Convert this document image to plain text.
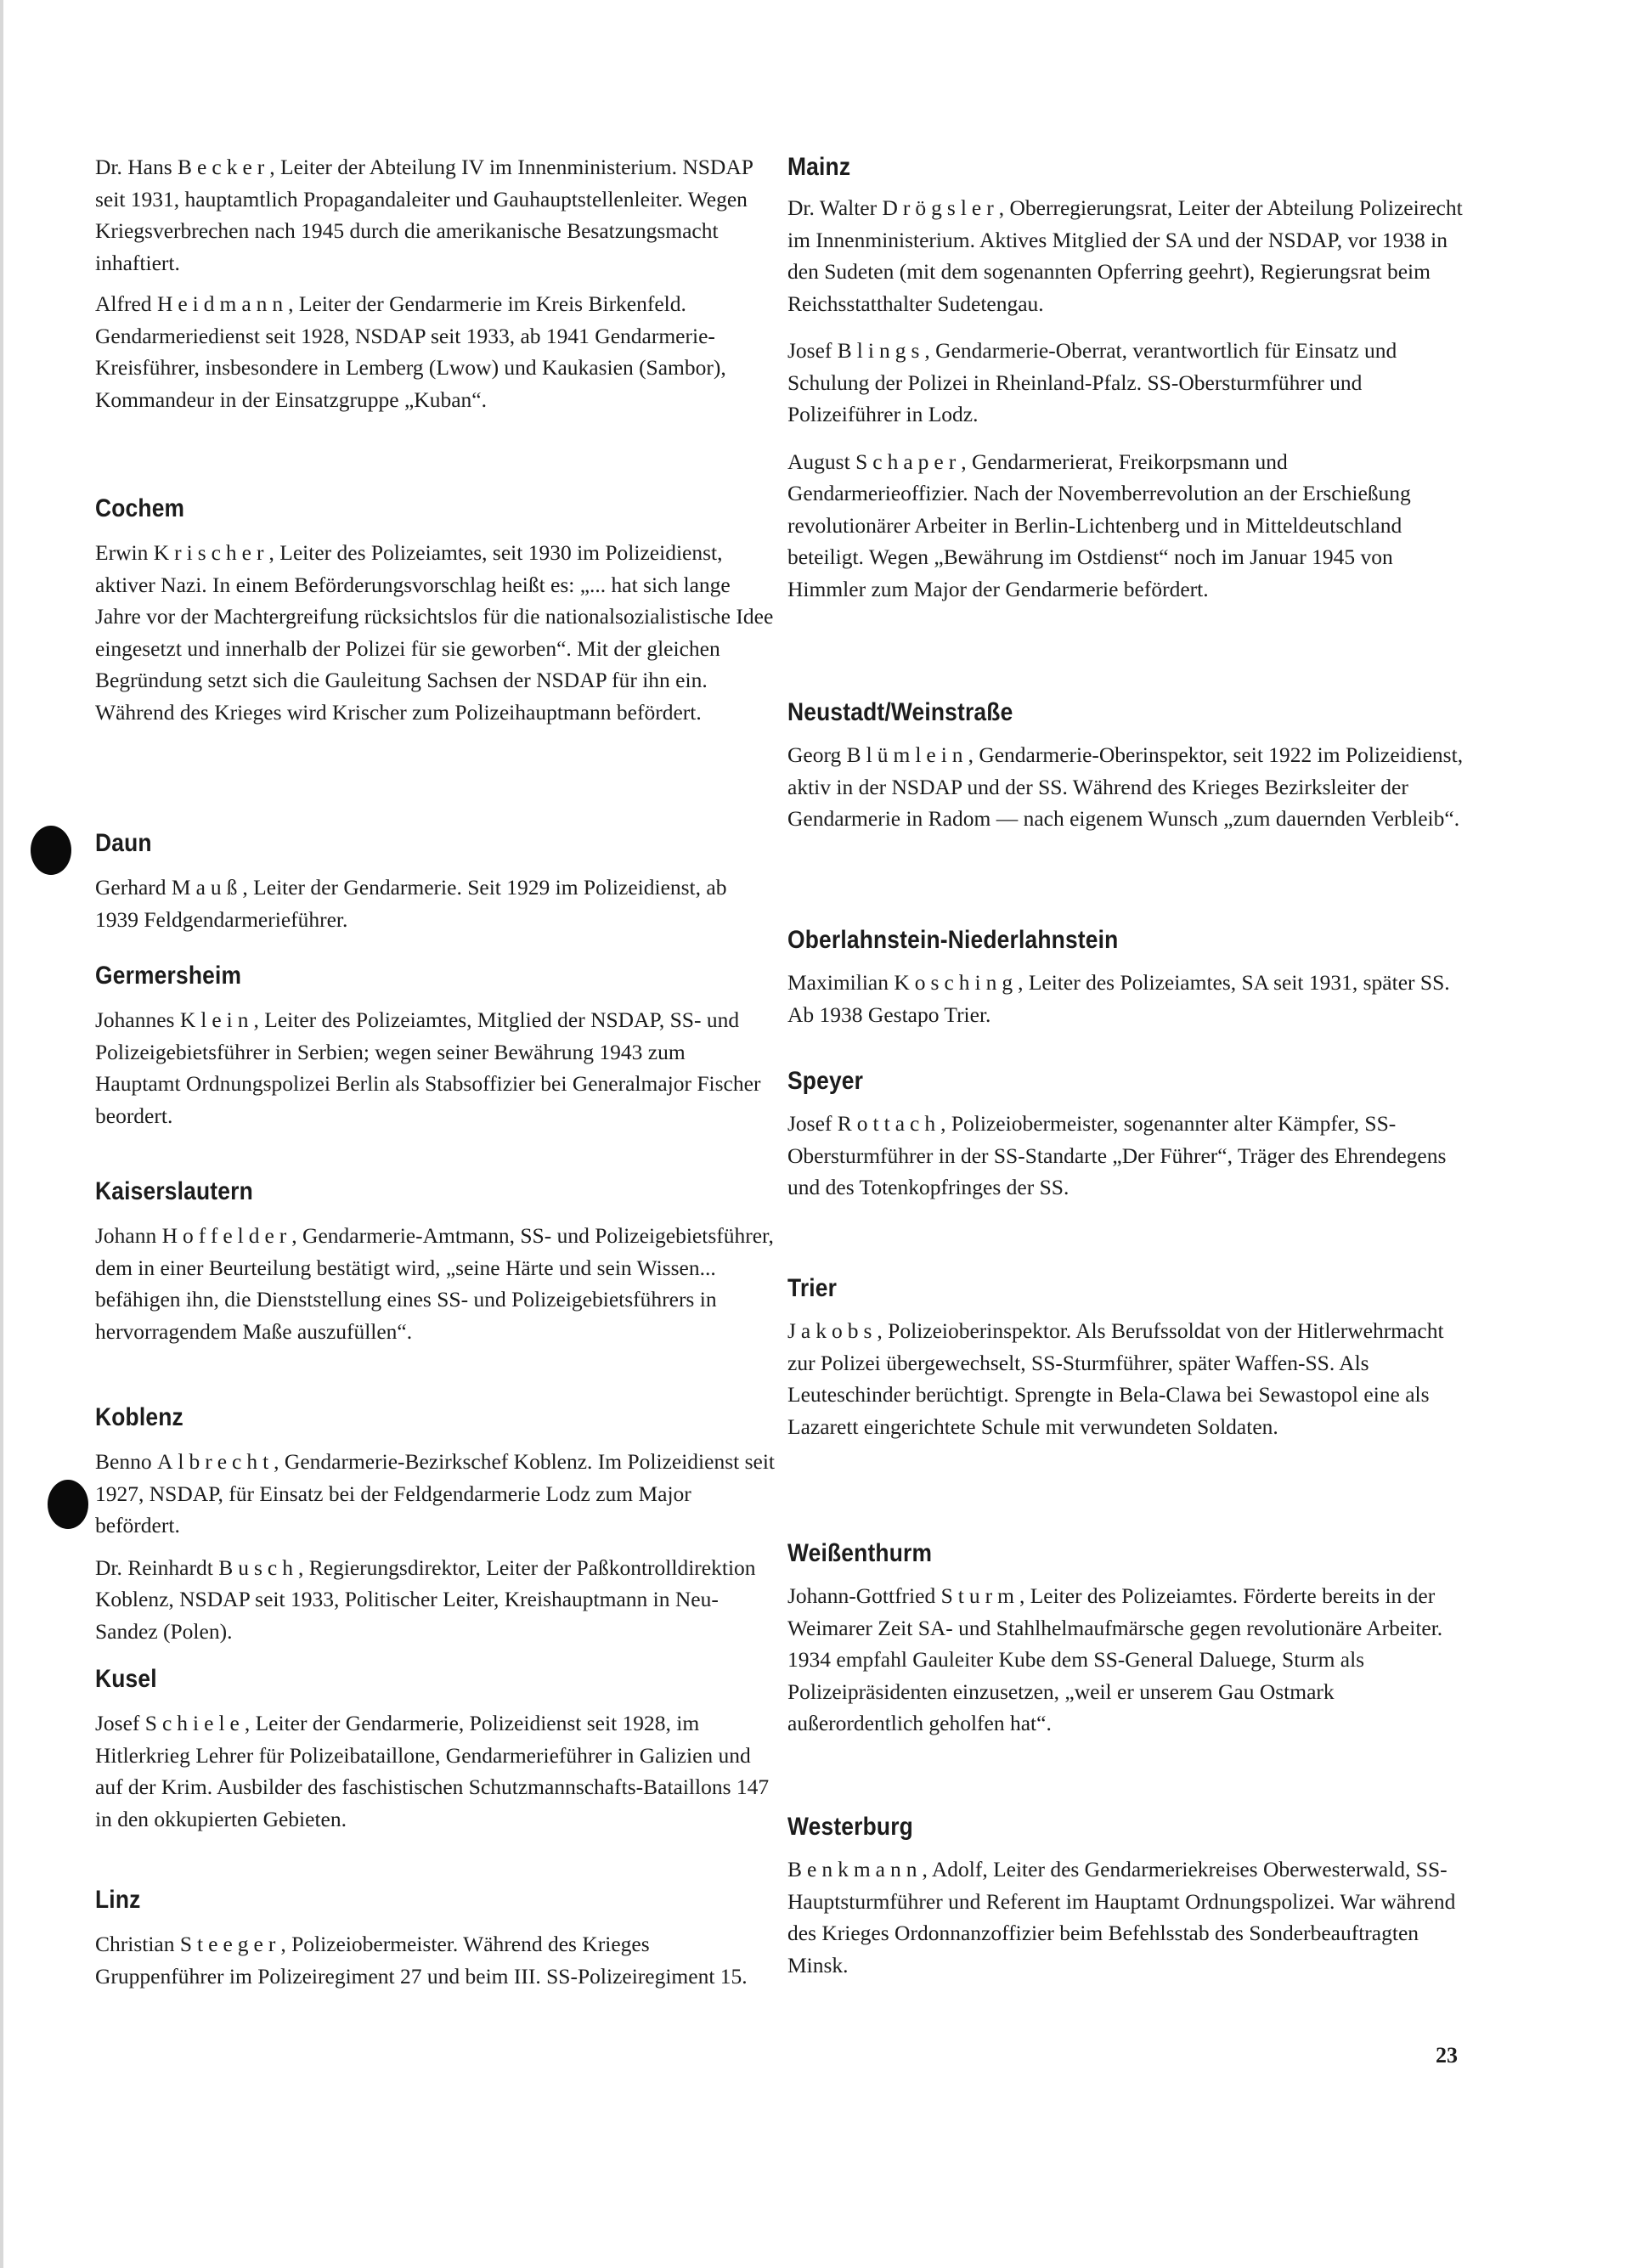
Dr. Hans Becker, Leiter der Abteilung IV im Innenministerium. NSDAP seit 1931, hauptamtlich Propagandaleiter und Gauhauptstellenleiter. Wegen Kriegsverbrechen nach 1945 durch die amerikanische Besatzungsmacht inhaftiert.

Alfred Heidmann, Leiter der Gendarmerie im Kreis Birkenfeld. Gendarmeriedienst seit 1928, NSDAP seit 1933, ab 1941 Gendarmerie-Kreisführer, insbesondere in Lemberg (Lwow) und Kaukasien (Sambor), Kommandeur in der Einsatzgruppe „Kuban“.

Cochem

Erwin Krischer, Leiter des Polizeiamtes, seit 1930 im Polizeidienst, aktiver Nazi. In einem Beförderungsvorschlag heißt es: „... hat sich lange Jahre vor der Machtergreifung rücksichtslos für die nationalsozialistische Idee eingesetzt und innerhalb der Polizei für sie geworben“. Mit der gleichen Begründung setzt sich die Gauleitung Sachsen der NSDAP für ihn ein. Während des Krieges wird Krischer zum Polizeihauptmann befördert.

Daun

Gerhard Mauß, Leiter der Gendarmerie. Seit 1929 im Polizeidienst, ab 1939 Feldgendarmerieführer.

Germersheim

Johannes Klein, Leiter des Polizeiamtes, Mitglied der NSDAP, SS- und Polizeigebietsführer in Serbien; wegen seiner Bewährung 1943 zum Hauptamt Ordnungspolizei Berlin als Stabsoffizier bei Generalmajor Fischer beordert.

Kaiserslautern

Johann Hoffelder, Gendarmerie-Amtmann, SS- und Polizeigebietsführer, dem in einer Beurteilung bestätigt wird, „seine Härte und sein Wissen... befähigen ihn, die Dienststellung eines SS- und Polizeigebietsführers in hervorragendem Maße auszufüllen“.

Koblenz

Benno Albrecht, Gendarmerie-Bezirkschef Koblenz. Im Polizeidienst seit 1927, NSDAP, für Einsatz bei der Feldgendarmerie Lodz zum Major befördert.

Dr. Reinhardt Busch, Regierungsdirektor, Leiter der Paßkontrolldirektion Koblenz, NSDAP seit 1933, Politischer Leiter, Kreishauptmann in Neu-Sandez (Polen).

Kusel

Josef Schiele, Leiter der Gendarmerie, Polizeidienst seit 1928, im Hitlerkrieg Lehrer für Polizeibataillone, Gendarmerieführer in Galizien und auf der Krim. Ausbilder des faschistischen Schutzmannschafts-Bataillons 147 in den okkupierten Gebieten.

Linz

Christian Steeger, Polizeiobermeister. Während des Krieges Gruppenführer im Polizeiregiment 27 und beim III. SS-Polizeiregiment 15.

Mainz

Dr. Walter Drögsler, Oberregierungsrat, Leiter der Abteilung Polizeirecht im Innenministerium. Aktives Mitglied der SA und der NSDAP, vor 1938 in den Sudeten (mit dem sogenannten Opferring geehrt), Regierungsrat beim Reichsstatthalter Sudetengau.

Josef Blings, Gendarmerie-Oberrat, verantwortlich für Einsatz und Schulung der Polizei in Rheinland-Pfalz. SS-Obersturmführer und Polizeiführer in Lodz.

August Schaper, Gendarmerierat, Freikorpsmann und Gendarmerieoffizier. Nach der Novemberrevolution an der Erschießung revolutionärer Arbeiter in Berlin-Lichtenberg und in Mitteldeutschland beteiligt. Wegen „Bewährung im Ostdienst“ noch im Januar 1945 von Himmler zum Major der Gendarmerie befördert.

Neustadt/Weinstraße

Georg Blümlein, Gendarmerie-Oberinspektor, seit 1922 im Polizeidienst, aktiv in der NSDAP und der SS. Während des Krieges Bezirksleiter der Gendarmerie in Radom — nach eigenem Wunsch „zum dauernden Verbleib“.

Oberlahnstein-Niederlahnstein

Maximilian Kosching, Leiter des Polizeiamtes, SA seit 1931, später SS. Ab 1938 Gestapo Trier.

Speyer

Josef Rottach, Polizeiobermeister, sogenannter alter Kämpfer, SS-Obersturmführer in der SS-Standarte „Der Führer“, Träger des Ehrendegens und des Totenkopfringes der SS.

Trier

Jakobs, Polizeioberinspektor. Als Berufssoldat von der Hitlerwehrmacht zur Polizei übergewechselt, SS-Sturmführer, später Waffen-SS. Als Leuteschinder berüchtigt. Sprengte in Bela-Clawa bei Sewastopol eine als Lazarett eingerichtete Schule mit verwundeten Soldaten.

Weißenthurm

Johann-Gottfried Sturm, Leiter des Polizeiamtes. Förderte bereits in der Weimarer Zeit SA- und Stahlhelmaufmärsche gegen revolutionäre Arbeiter. 1934 empfahl Gauleiter Kube dem SS-General Daluege, Sturm als Polizeipräsidenten einzusetzen, „weil er unserem Gau Ostmark außerordentlich geholfen hat“.

Westerburg

Benkmann, Adolf, Leiter des Gendarmeriekreises Oberwesterwald, SS-Hauptsturmführer und Referent im Hauptamt Ordnungspolizei. War während des Krieges Ordonnanzoffizier beim Befehlsstab des Sonderbeauftragten Minsk.

23
